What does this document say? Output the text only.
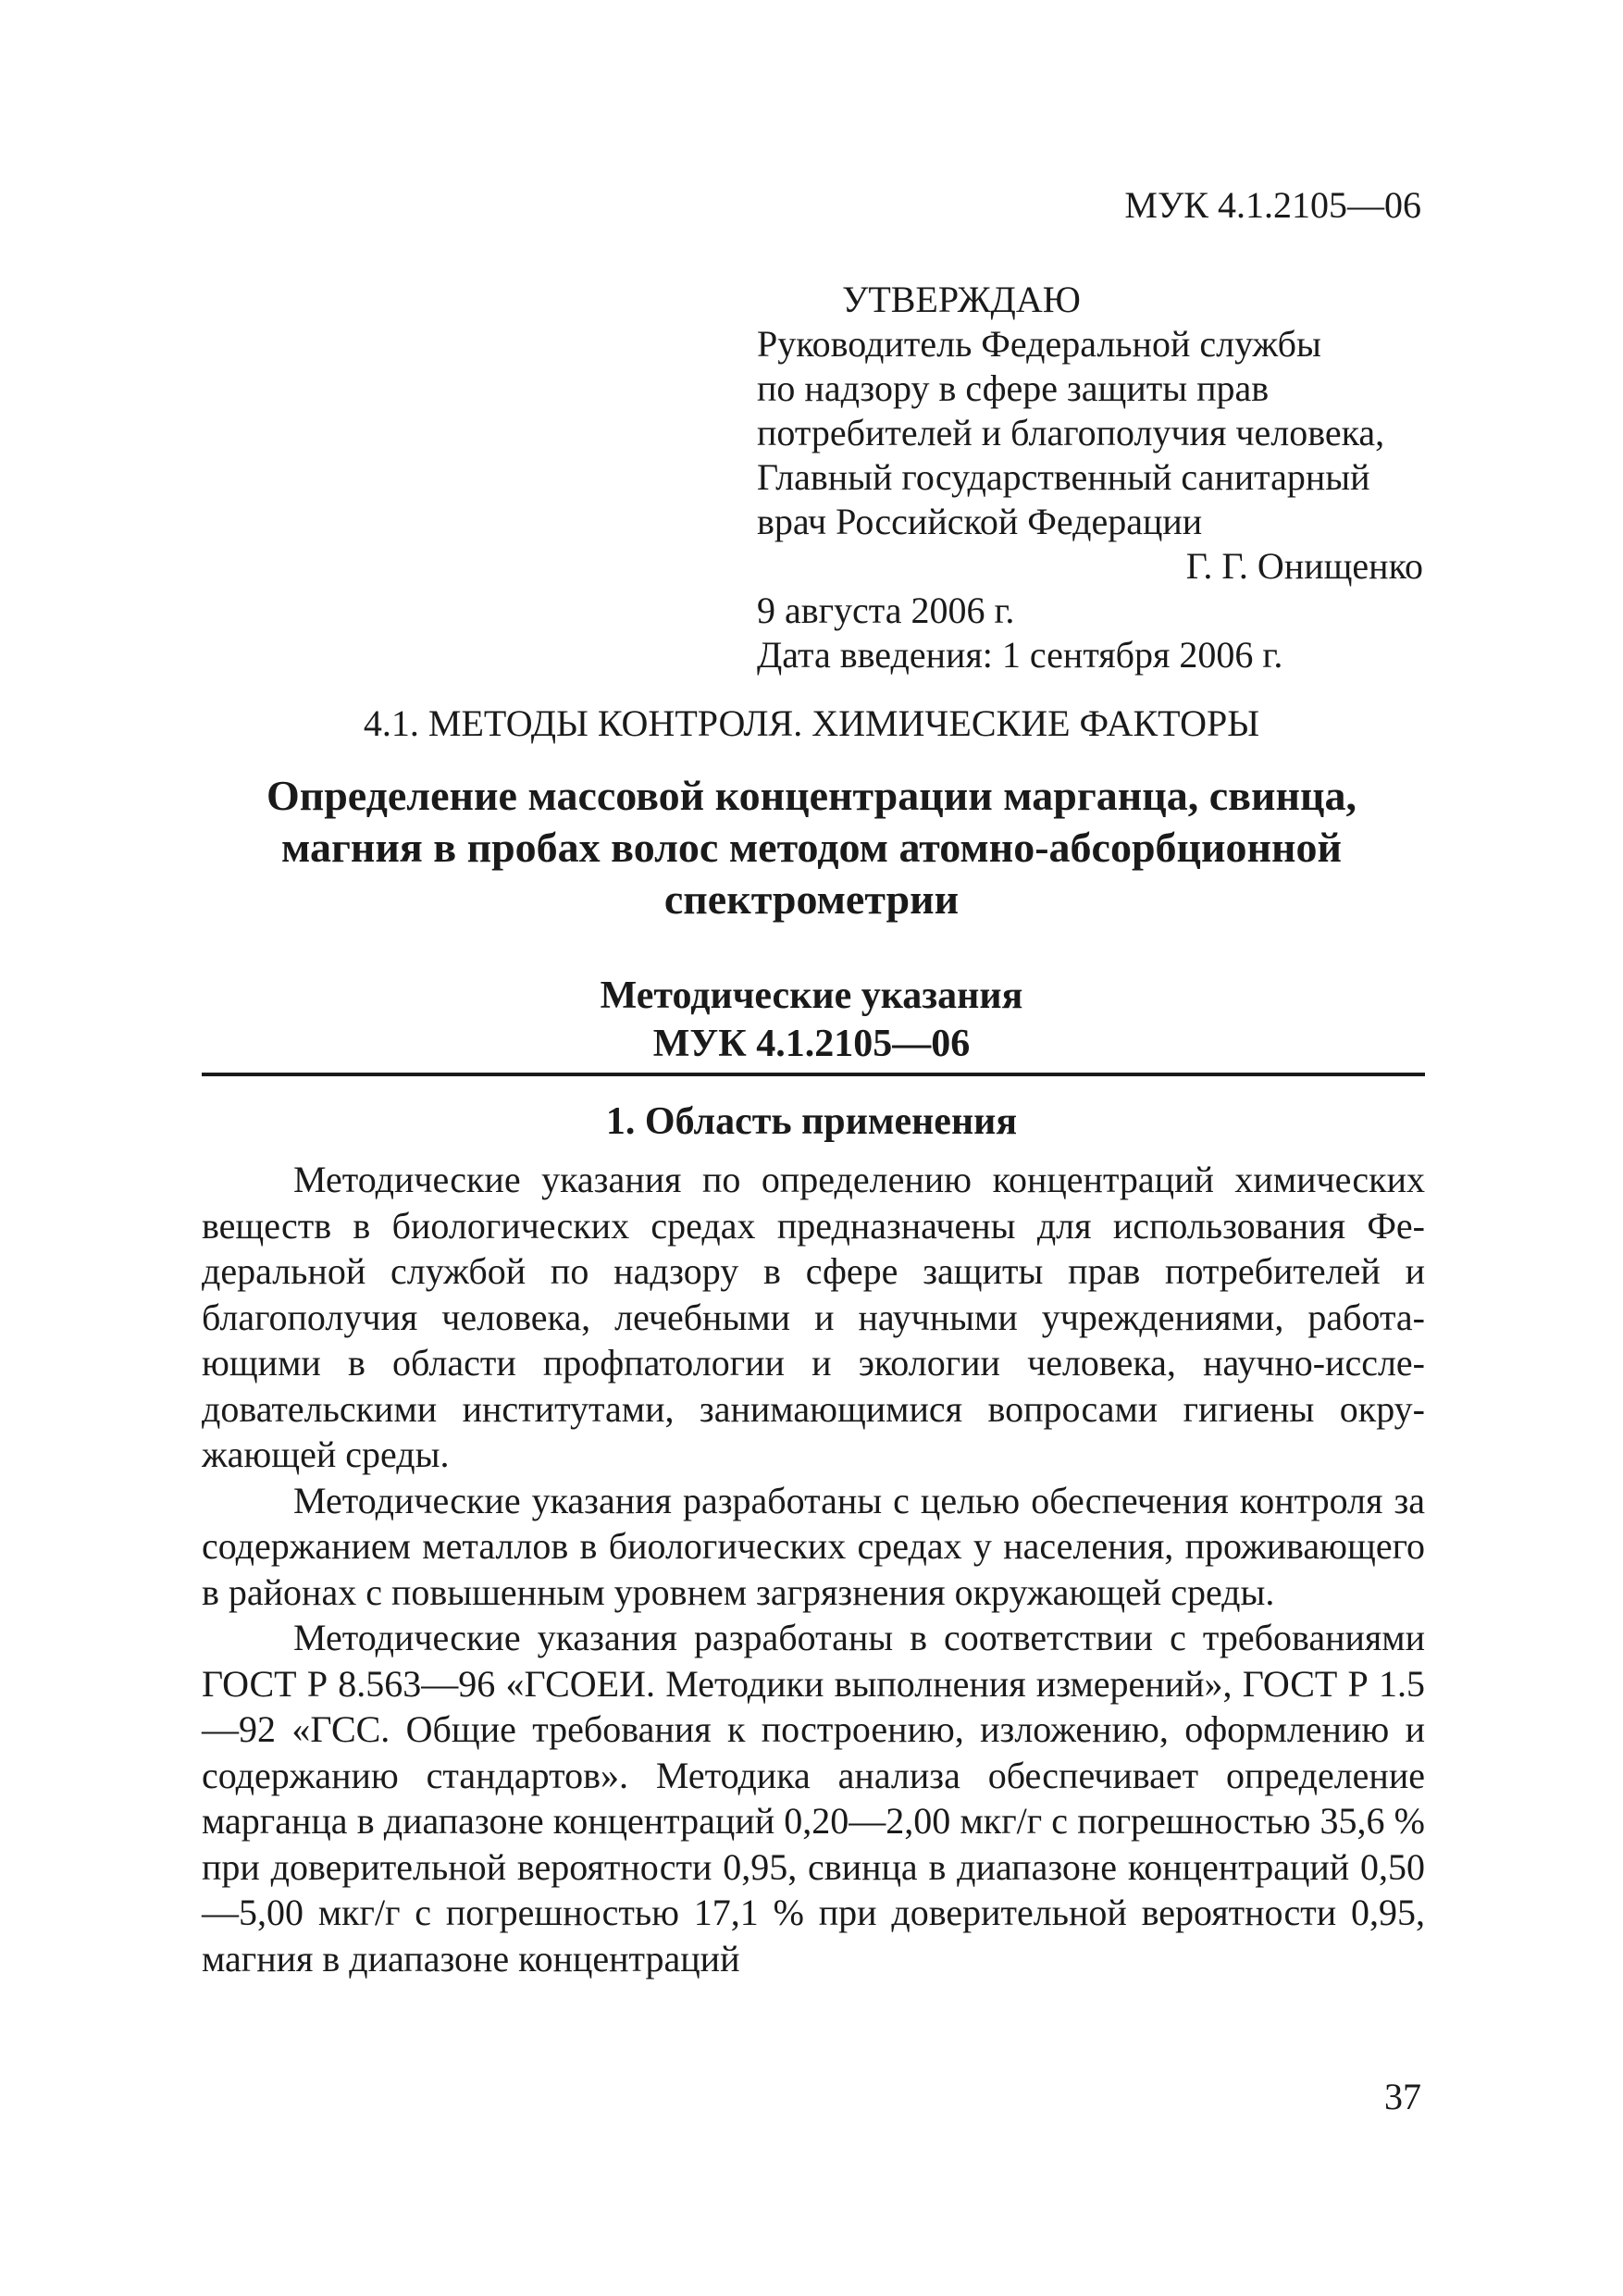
МУК 4.1.2105—06

УТВЕРЖДАЮ
Руководитель Федеральной службы
по надзору в сфере защиты прав
потребителей и благополучия человека,
Главный государственный санитарный
врач Российской Федерации
Г. Г. Онищенко
9 августа 2006 г.
Дата введения: 1 сентября 2006 г.

4.1. МЕТОДЫ КОНТРОЛЯ. ХИМИЧЕСКИЕ ФАКТОРЫ

Определение массовой концентрации марганца, свинца,
магния в пробах волос методом атомно-абсорбционной
спектрометрии
Методические указания
МУК 4.1.2105—06
1. Область применения

Методические указания по определению концентраций химических веществ в биологических средах предназначены для использования Федеральной службой по надзору в сфере защиты прав потребителей и благополучия человека, лечебными и научными учреждениями, работающими в области профпатологии и экологии человека, научно-исследовательскими институтами, занимающимися вопросами гигиены окружающей среды.

Методические указания разработаны с целью обеспечения контроля за содержанием металлов в биологических средах у населения, проживающего в районах с повышенным уровнем загрязнения окружающей среды.

Методические указания разработаны в соответствии с требованиями ГОСТ Р 8.563—96 «ГСОЕИ. Методики выполнения измерений», ГОСТ Р 1.5—92 «ГСС. Общие требования к построению, изложению, оформлению и содержанию стандартов». Методика анализа обеспечивает определение марганца в диапазоне концентраций 0,20—2,00 мкг/г с погрешностью 35,6 % при доверительной вероятности 0,95, свинца в диапазоне концентраций 0,50—5,00 мкг/г с погрешностью 17,1 % при доверительной вероятности 0,95, магния в диапазоне концентраций

37
